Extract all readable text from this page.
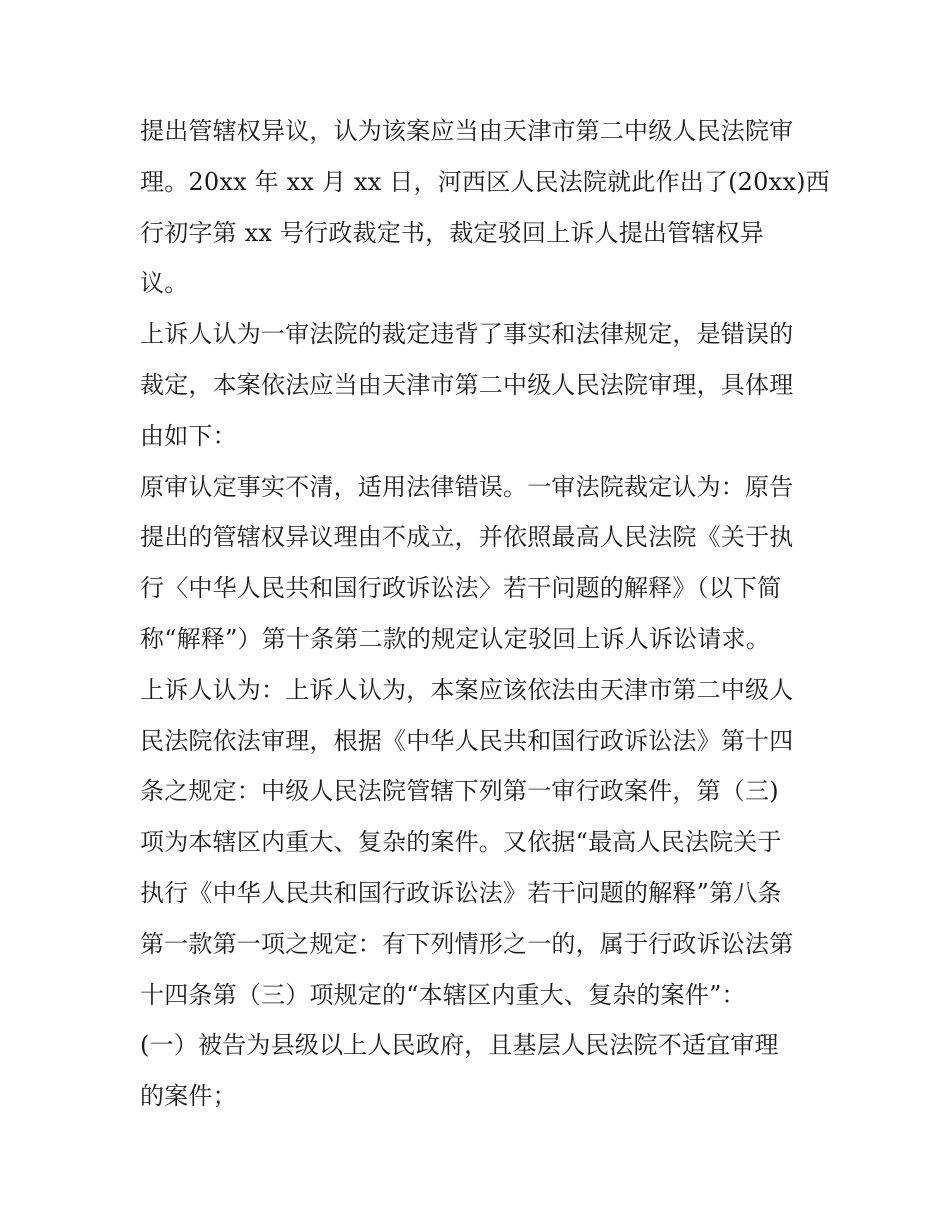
提出管辖权异议，认为该案应当由天津市第二中级人民法院审
理。20xx 年 xx 月 xx 日，河西区人民法院就此作出了(20xx)西
行初字第 xx 号行政裁定书，裁定驳回上诉人提出管辖权异
议。
上诉人认为一审法院的裁定违背了事实和法律规定，是错误的
裁定，本案依法应当由天津市第二中级人民法院审理，具体理
由如下：
原审认定事实不清，适用法律错误。一审法院裁定认为：原告
提出的管辖权异议理由不成立，并依照最高人民法院《关于执
行〈中华人民共和国行政诉讼法〉若干问题的解释》（以下简
称“解释”）第十条第二款的规定认定驳回上诉人诉讼请求。
上诉人认为：上诉人认为，本案应该依法由天津市第二中级人
民法院依法审理，根据《中华人民共和国行政诉讼法》第十四
条之规定：中级人民法院管辖下列第一审行政案件，第（三)
项为本辖区内重大、复杂的案件。又依据“最高人民法院关于
执行《中华人民共和国行政诉讼法》若干问题的解释”第八条
第一款第一项之规定：有下列情形之一的，属于行政诉讼法第
十四条第（三）项规定的“本辖区内重大、复杂的案件”：
(一）被告为县级以上人民政府，且基层人民法院不适宜审理
的案件；
